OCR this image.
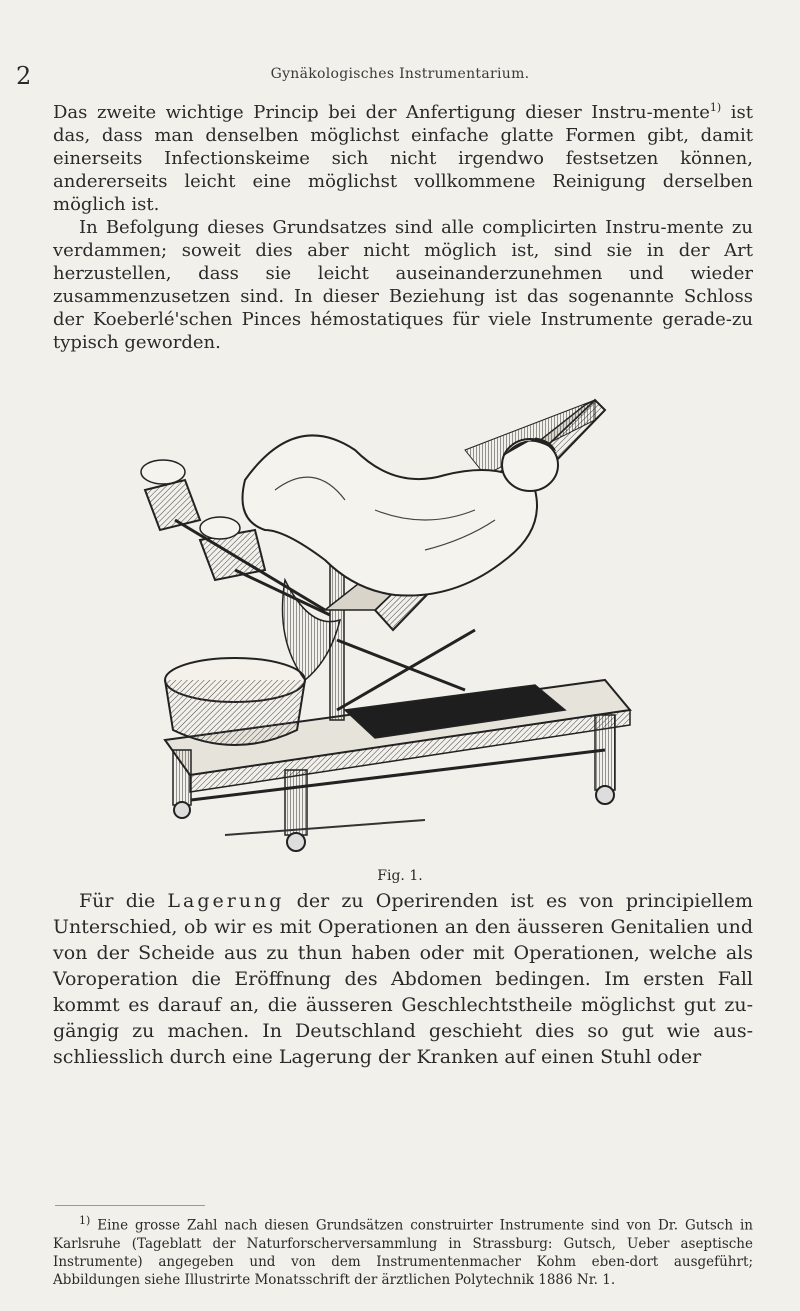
2	Gynäkologisches Instrumentarium.

Das zweite wichtige Princip bei der Anfertigung dieser Instru-mente$^{1)}$ ist das, dass man denselben möglichst einfache glatte Formen gibt, damit einerseits Infectionskeime sich nicht irgendwo festsetzen können, andererseits leicht eine möglichst vollkommene Reinigung derselben möglich ist.

In Befolgung dieses Grundsatzes sind alle complicirten Instru-mente zu verdammen; soweit dies aber nicht möglich ist, sind sie in der Art herzustellen, dass sie leicht auseinanderzunehmen und wieder zusammenzusetzen sind. In dieser Beziehung ist das sogenannte Schloss der Koeberlé'schen Pinces hémostatiques für viele Instrumente gerade-zu typisch geworden.

Fig. 1.

Für die Lagerung der zu Operirenden ist es von principiellem Unterschied, ob wir es mit Operationen an den äusseren Genitalien und von der Scheide aus zu thun haben oder mit Operationen, welche als Voroperation die Eröffnung des Abdomen bedingen. Im ersten Fall kommt es darauf an, die äusseren Geschlechtstheile möglichst gut zu-gängig zu machen. In Deutschland geschieht dies so gut wie aus-schliesslich durch eine Lagerung der Kranken auf einen Stuhl oder

$^{1)}$ Eine grosse Zahl nach diesen Grundsätzen construirter Instrumente sind von Dr. Gutsch in Karlsruhe (Tageblatt der Naturforscherversammlung in Strassburg: Gutsch, Ueber aseptische Instrumente) angegeben und von dem Instrumentenmacher Kohm eben-dort ausgeführt; Abbildungen siehe Illustrirte Monatsschrift der ärztlichen Polytechnik 1886 Nr. 1.
